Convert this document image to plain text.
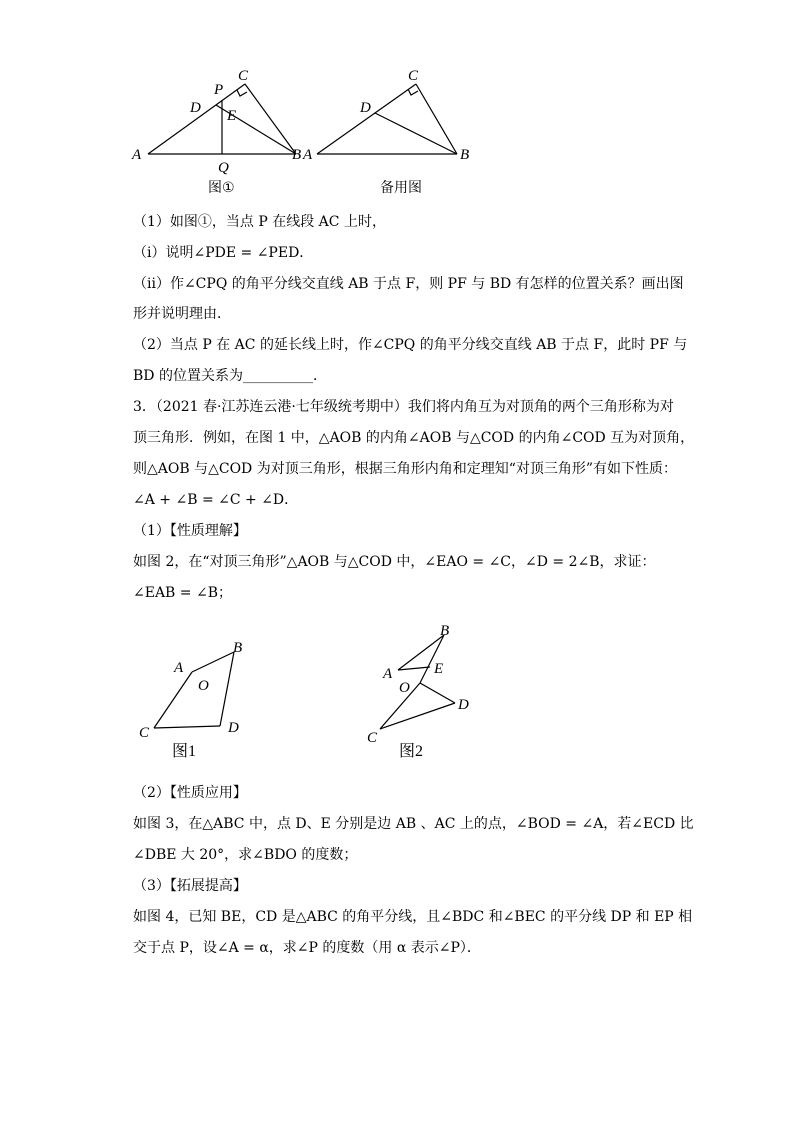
C
P
D E
A
Q
B
图①
C
D
A	B
备用图
（1）如图①，当点 P 在线段 AC 上时，
（i）说明∠PDE = ∠PED．
（ii）作∠CPQ 的角平分线交直线 AB 于点 F，则 PF 与 BD 有怎样的位置关系？画出图
形并说明理由．
（2）当点 P 在 AC 的延长线上时，作∠CPQ 的角平分线交直线 AB 于点 F，此时 PF 与
BD 的位置关系为__________．
3．（2021 春·江苏连云港·七年级统考期中）我们将内角互为对顶角的两个三角形称为对
顶三角形．例如，在图 1 中，△AOB 的内角∠AOB 与△COD 的内角∠COD 互为对顶角，
则△AOB 与△COD 为对顶三角形，根据三角形内角和定理知“对顶三角形”有如下性质：
∠A + ∠B = ∠C + ∠D．
（1）【性质理解】
如图 2，在“对顶三角形”△AOB 与△COD 中，∠EAO = ∠C，∠D = 2∠B，求证：
∠EAB = ∠B；
B
A
O
C	D
图1
B
A	E
O
D
C
图2
（2）【性质应用】
如图 3，在△ABC 中，点 D、E 分别是边 AB 、AC 上的点，∠BOD = ∠A，若∠ECD 比
∠DBE 大 20°，求∠BDO 的度数；
（3）【拓展提高】
如图 4，已知 BE，CD 是△ABC 的角平分线，且∠BDC 和∠BEC 的平分线 DP 和 EP 相
交于点 P，设∠A = α，求∠P 的度数（用 α 表示∠P）．
